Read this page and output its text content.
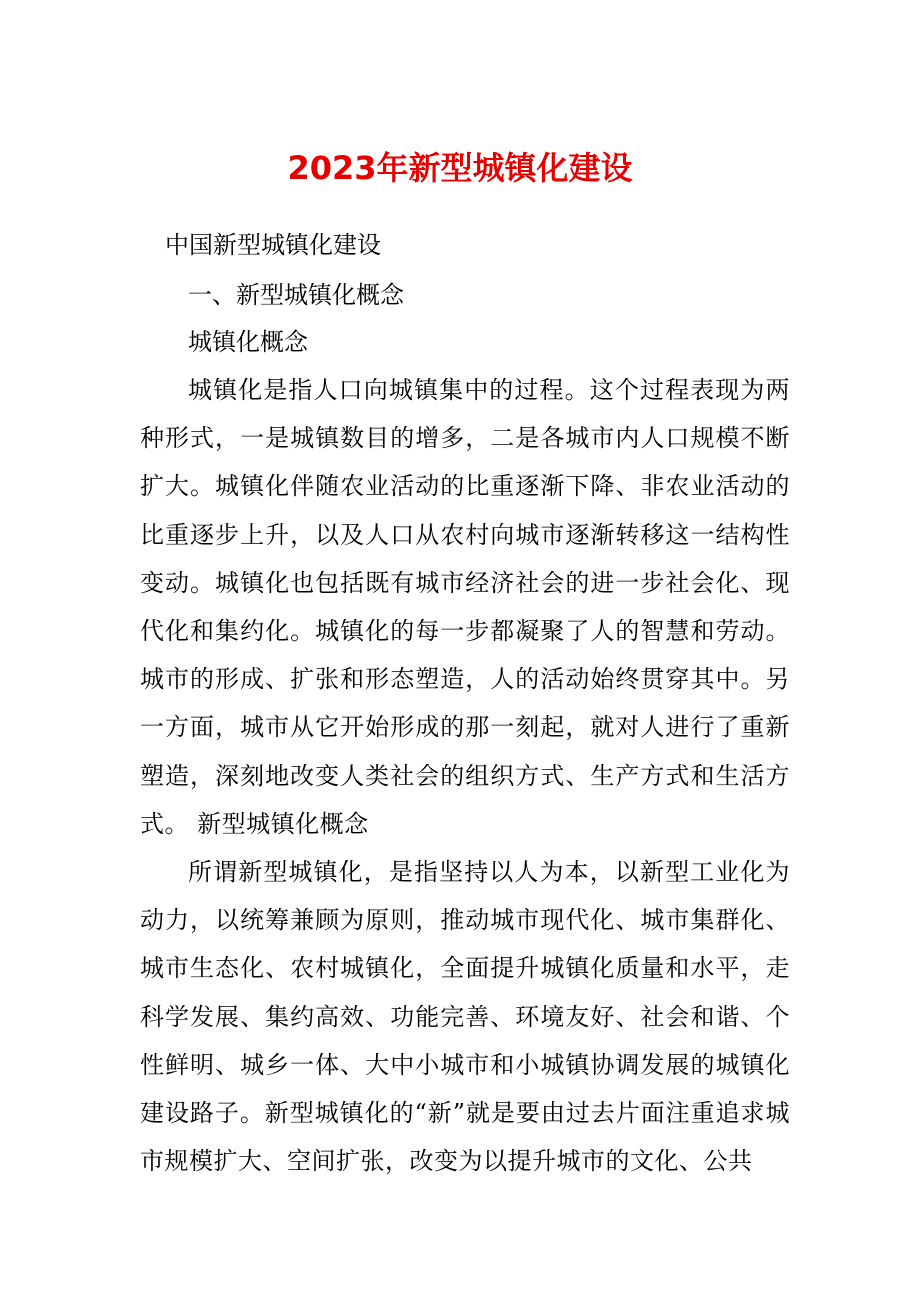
2023年新型城镇化建设

中国新型城镇化建设

一、新型城镇化概念

城镇化概念

城镇化是指人口向城镇集中的过程。这个过程表现为两种形式，一是城镇数目的增多，二是各城市内人口规模不断扩大。城镇化伴随农业活动的比重逐渐下降、非农业活动的比重逐步上升，以及人口从农村向城市逐渐转移这一结构性变动。城镇化也包括既有城市经济社会的进一步社会化、现代化和集约化。城镇化的每一步都凝聚了人的智慧和劳动。城市的形成、扩张和形态塑造，人的活动始终贯穿其中。另一方面，城市从它开始形成的那一刻起，就对人进行了重新塑造，深刻地改变人类社会的组织方式、生产方式和生活方式。 新型城镇化概念

所谓新型城镇化，是指坚持以人为本，以新型工业化为动力，以统筹兼顾为原则，推动城市现代化、城市集群化、城市生态化、农村城镇化，全面提升城镇化质量和水平，走科学发展、集约高效、功能完善、环境友好、社会和谐、个性鲜明、城乡一体、大中小城市和小城镇协调发展的城镇化建设路子。新型城镇化的“新”就是要由过去片面注重追求城市规模扩大、空间扩张，改变为以提升城市的文化、公共
